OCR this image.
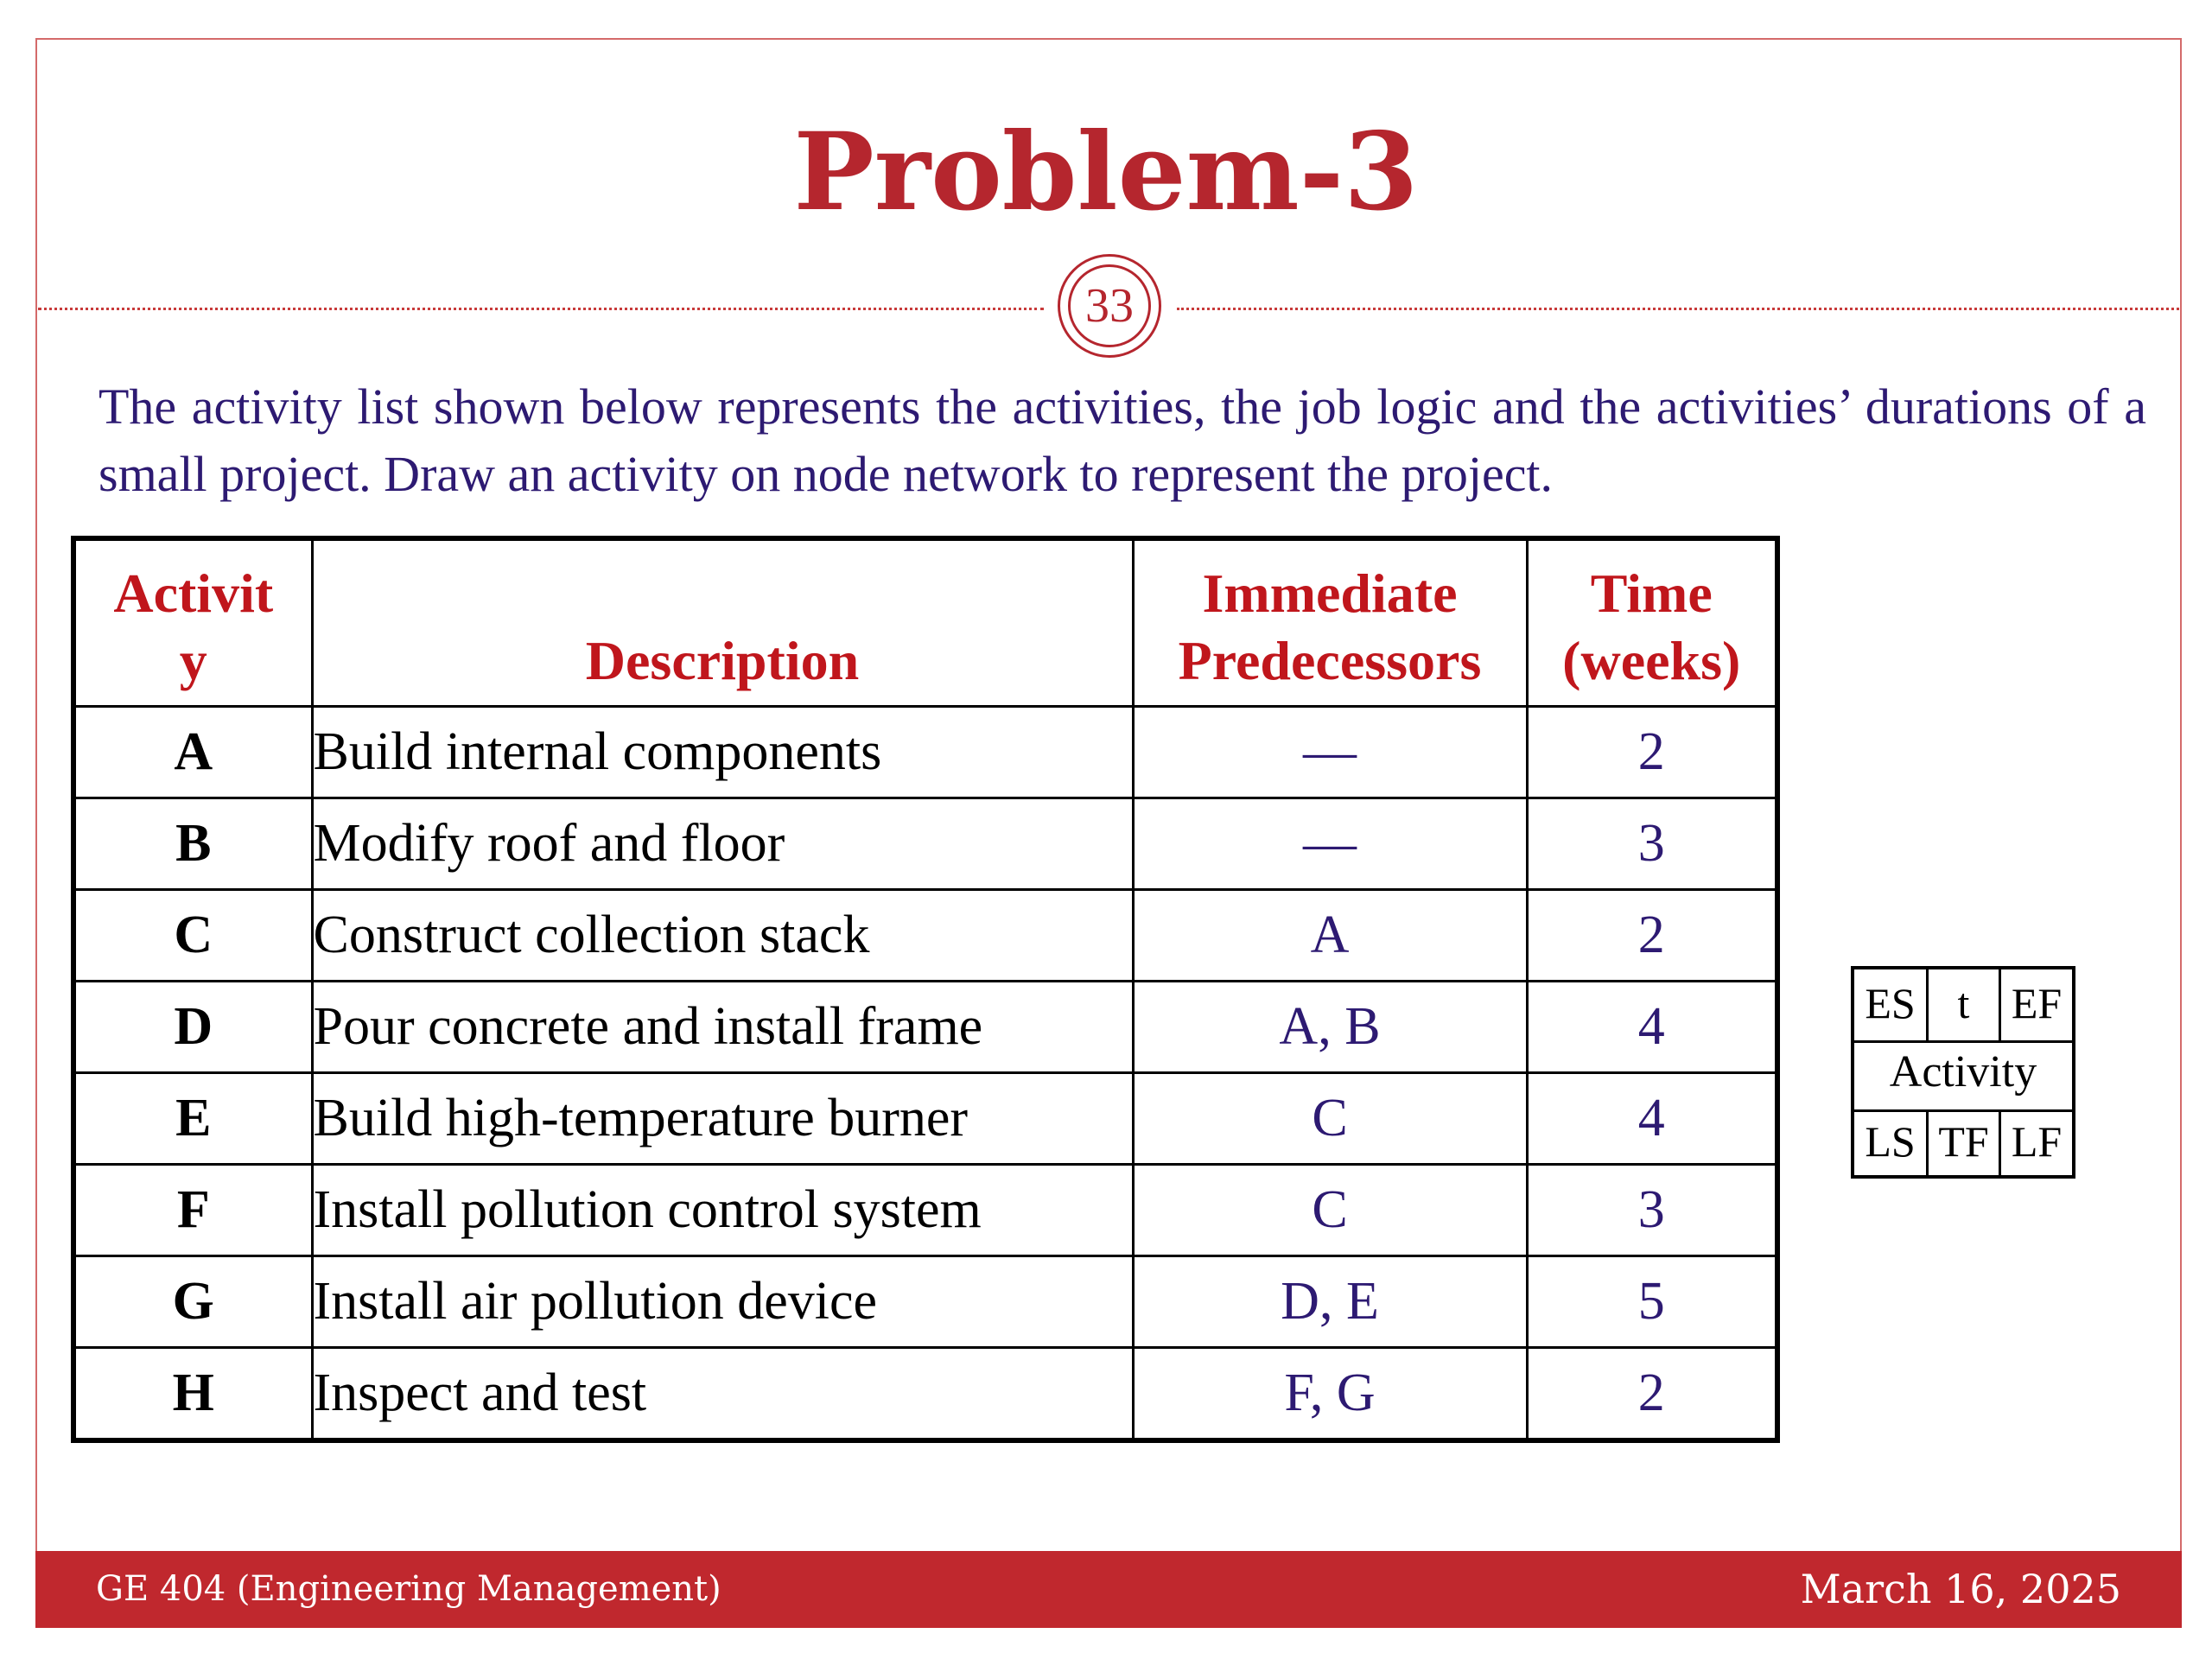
Problem-3
33
The activity list shown below represents the activities, the job logic and the activities’ durations of a small project. Draw an activity on node network to represent the project.
Activity	Description	Immediate Predecessors	Time (weeks)
A	Build internal components	—	2
B	Modify roof and floor	—	3
C	Construct collection stack	A	2
D	Pour concrete and install frame	A, B	4
E	Build high-temperature burner	C	4
F	Install pollution control system	C	3
G	Install air pollution device	D, E	5
H	Inspect and test	F, G	2
ES t EF
Activity
LS TF LF
GE 404 (Engineering Management)	March 16, 2025
